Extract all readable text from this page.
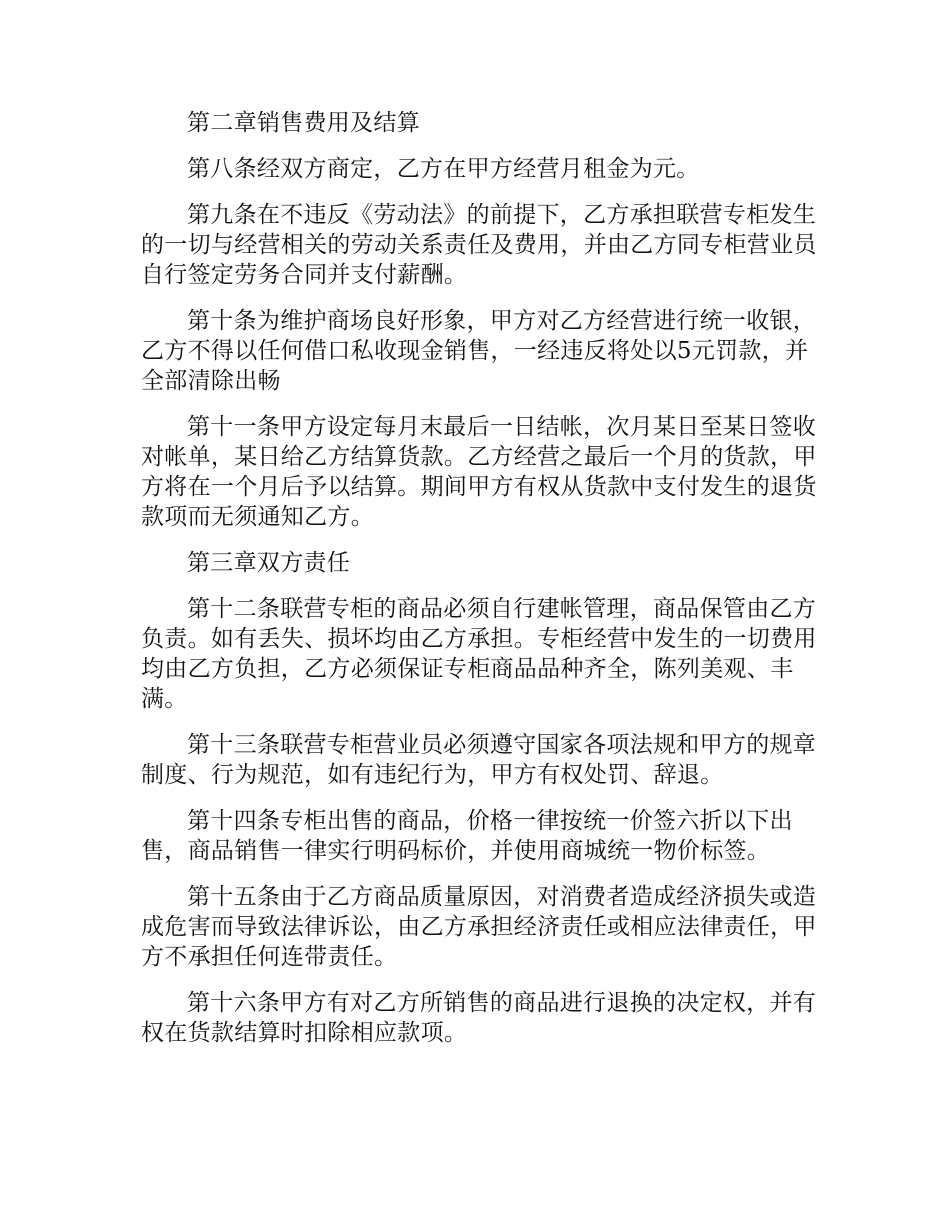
第二章销售费用及结算

第八条经双方商定，乙方在甲方经营月租金为元。

第九条在不违反《劳动法》的前提下，乙方承担联营专柜发生的一切与经营相关的劳动关系责任及费用，并由乙方同专柜营业员自行签定劳务合同并支付薪酬。

第十条为维护商场良好形象，甲方对乙方经营进行统一收银，乙方不得以任何借口私收现金销售，一经违反将处以5元罚款，并全部清除出畅

第十一条甲方设定每月末最后一日结帐，次月某日至某日签收对帐单，某日给乙方结算货款。乙方经营之最后一个月的货款，甲方将在一个月后予以结算。期间甲方有权从货款中支付发生的退货款项而无须通知乙方。

第三章双方责任

第十二条联营专柜的商品必须自行建帐管理，商品保管由乙方负责。如有丢失、损坏均由乙方承担。专柜经营中发生的一切费用均由乙方负担，乙方必须保证专柜商品品种齐全，陈列美观、丰满。

第十三条联营专柜营业员必须遵守国家各项法规和甲方的规章制度、行为规范，如有违纪行为，甲方有权处罚、辞退。

第十四条专柜出售的商品，价格一律按统一价签六折以下出售，商品销售一律实行明码标价，并使用商城统一物价标签。

第十五条由于乙方商品质量原因，对消费者造成经济损失或造成危害而导致法律诉讼，由乙方承担经济责任或相应法律责任，甲方不承担任何连带责任。

第十六条甲方有对乙方所销售的商品进行退换的决定权，并有权在货款结算时扣除相应款项。
